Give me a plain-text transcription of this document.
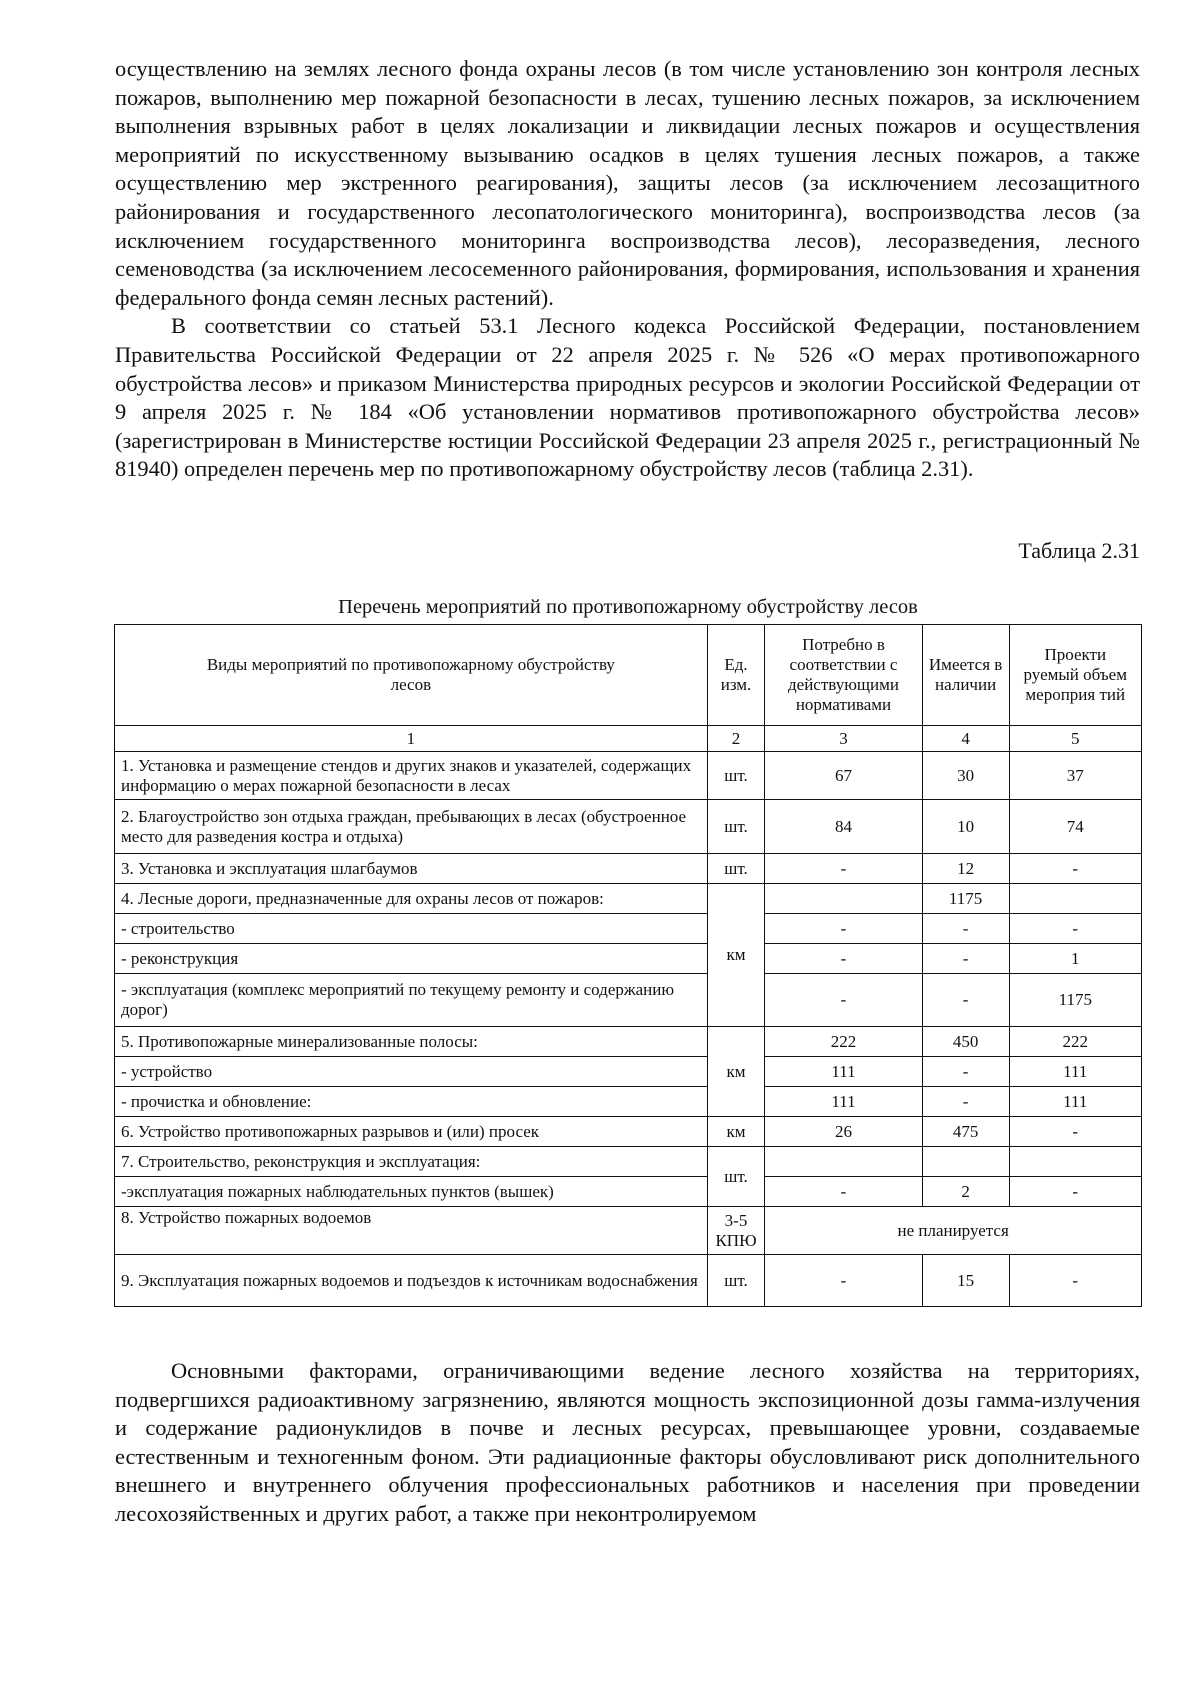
осуществлению на землях лесного фонда охраны лесов (в том числе установлению зон контроля лесных пожаров, выполнению мер пожарной безопасности в лесах, тушению лесных пожаров, за исключением выполнения взрывных работ в целях локализации и ликвидации лесных пожаров и осуществления мероприятий по искусственному вызыванию осадков в целях тушения лесных пожаров, а также осуществлению мер экстренного реагирования), защиты лесов (за исключением лесозащитного районирования и государственного лесопатологического мониторинга), воспроизводства лесов (за исключением государственного мониторинга воспроизводства лесов), лесоразведения, лесного семеноводства (за исключением лесосеменного районирования, формирования, использования и хранения федерального фонда семян лесных растений).

В соответствии со статьей 53.1 Лесного кодекса Российской Федерации, постановлением Правительства Российской Федерации от 22 апреля 2025 г. № 526 «О мерах противопожарного обустройства лесов» и приказом Министерства природных ресурсов и экологии Российской Федерации от 9 апреля 2025 г. № 184 «Об установлении нормативов противопожарного обустройства лесов» (зарегистрирован в Министерстве юстиции Российской Федерации 23 апреля 2025 г., регистрационный № 81940) определен перечень мер по противопожарному обустройству лесов (таблица 2.31).

Таблица 2.31
Перечень мероприятий по противопожарному обустройству лесов
Виды мероприятий по противопожарному обустройству лесов	Ед. изм.	Потребно в соответствии с действующими нормативами	Имеется в наличии	Проекти руемый объем мероприя тий
1	2	3	4	5
1. Установка и размещение стендов и других знаков и указателей, содержащих информацию о мерах пожарной безопасности в лесах	шт.	67	30	37
2. Благоустройство зон отдыха граждан, пребывающих в лесах (обустроенное место для разведения костра и отдыха)	шт.	84	10	74
3. Установка и эксплуатация шлагбаумов	шт.	-	12	-
4. Лесные дороги, предназначенные для охраны лесов от пожаров:	км		1175	
- строительство		-	-	-
- реконструкция		-	-	1
- эксплуатация (комплекс мероприятий по текущему ремонту и содержанию дорог)		-	-	1175
5. Противопожарные минерализованные полосы:	км	222	450	222
- устройство		111	-	111
- прочистка и обновление:		111	-	111
6. Устройство противопожарных разрывов и (или) просек	км	26	475	-
7. Строительство, реконструкция и эксплуатация:	шт.			
-эксплуатация пожарных наблюдательных пунктов (вышек)		-	2	-
8. Устройство пожарных водоемов	3-5 КПЮ	не планируется		
9. Эксплуатация пожарных водоемов и подъездов к источникам водоснабжения	шт.	-	15	-

Основными факторами, ограничивающими ведение лесного хозяйства на территориях, подвергшихся радиоактивному загрязнению, являются мощность экспозиционной дозы гамма-излучения и содержание радионуклидов в почве и лесных ресурсах, превышающее уровни, создаваемые естественным и техногенным фоном. Эти радиационные факторы обусловливают риск дополнительного внешнего и внутреннего облучения профессиональных работников и населения при проведении лесохозяйственных и других работ, а также при неконтролируемом
